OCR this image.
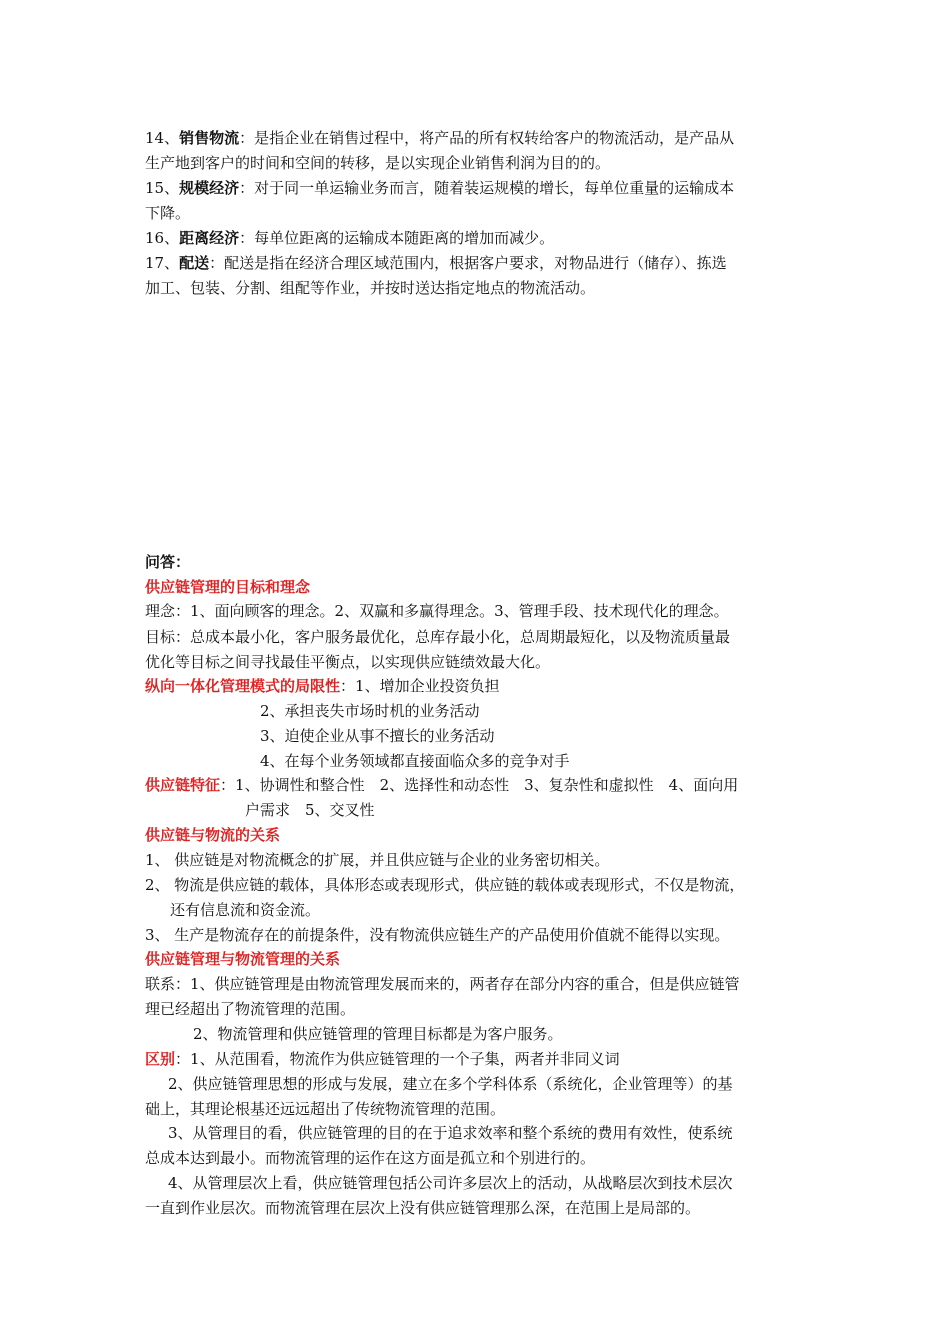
14、销售物流：是指企业在销售过程中，将产品的所有权转给客户的物流活动，是产品从
生产地到客户的时间和空间的转移，是以实现企业销售利润为目的的。
15、规模经济：对于同一单运输业务而言，随着装运规模的增长，每单位重量的运输成本
下降。
16、距离经济：每单位距离的运输成本随距离的增加而减少。
17、配送：配送是指在经济合理区域范围内，根据客户要求，对物品进行（储存）、拣选
加工、包装、分割、组配等作业，并按时送达指定地点的物流活动。
问答：
供应链管理的目标和理念
理念：1、面向顾客的理念。2、双赢和多赢得理念。3、管理手段、技术现代化的理念。
目标：总成本最小化，客户服务最优化，总库存最小化，总周期最短化，以及物流质量最
优化等目标之间寻找最佳平衡点，以实现供应链绩效最大化。
纵向一体化管理模式的局限性：1、增加企业投资负担
2、承担丧失市场时机的业务活动
3、迫使企业从事不擅长的业务活动
4、在每个业务领域都直接面临众多的竞争对手
供应链特征：1、协调性和整合性　2、选择性和动态性　3、复杂性和虚拟性　4、面向用
户需求　5、交叉性
供应链与物流的关系
1、 供应链是对物流概念的扩展，并且供应链与企业的业务密切相关。
2、 物流是供应链的载体，具体形态或表现形式，供应链的载体或表现形式，不仅是物流，
还有信息流和资金流。
3、 生产是物流存在的前提条件，没有物流供应链生产的产品使用价值就不能得以实现。
供应链管理与物流管理的关系
联系：1、供应链管理是由物流管理发展而来的，两者存在部分内容的重合，但是供应链管
理已经超出了物流管理的范围。
2、物流管理和供应链管理的管理目标都是为客户服务。
区别：1、从范围看，物流作为供应链管理的一个子集，两者并非同义词
2、供应链管理思想的形成与发展，建立在多个学科体系（系统化，企业管理等）的基
础上，其理论根基还远远超出了传统物流管理的范围。
3、从管理目的看，供应链管理的目的在于追求效率和整个系统的费用有效性，使系统
总成本达到最小。而物流管理的运作在这方面是孤立和个别进行的。
4、从管理层次上看，供应链管理包括公司许多层次上的活动，从战略层次到技术层次
一直到作业层次。而物流管理在层次上没有供应链管理那么深，在范围上是局部的。
